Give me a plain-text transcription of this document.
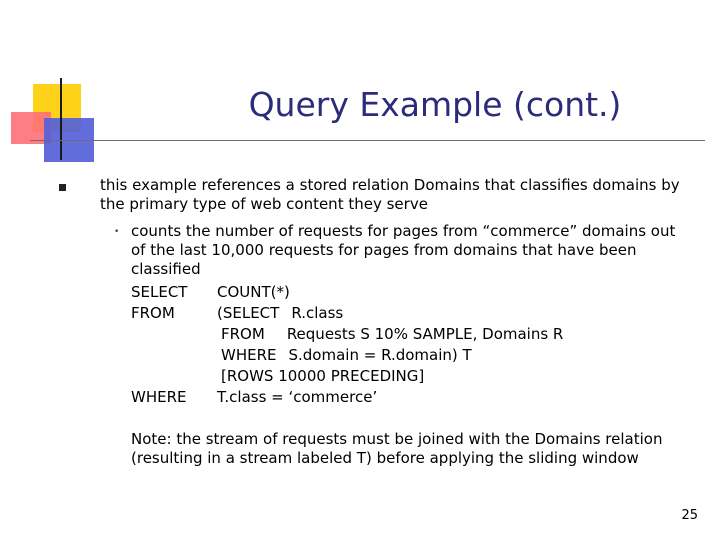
Query Example (cont.)
this example references a stored relation Domains that classifies domains by the primary type of web content they serve
• counts the number of requests for pages from “commerce” domains out of the last 10,000 requests for pages from domains that have been classified
SELECT
FROM
WHERE
COUNT(*)
(SELECT R.class
FROM Requests S 10% SAMPLE, Domains R
WHERE S.domain = R.domain) T
[ROWS 10000 PRECEDING]
T.class = ‘commerce’
Note: the stream of requests must be joined with the Domains relation (resulting in a stream labeled T) before applying the sliding window
25
